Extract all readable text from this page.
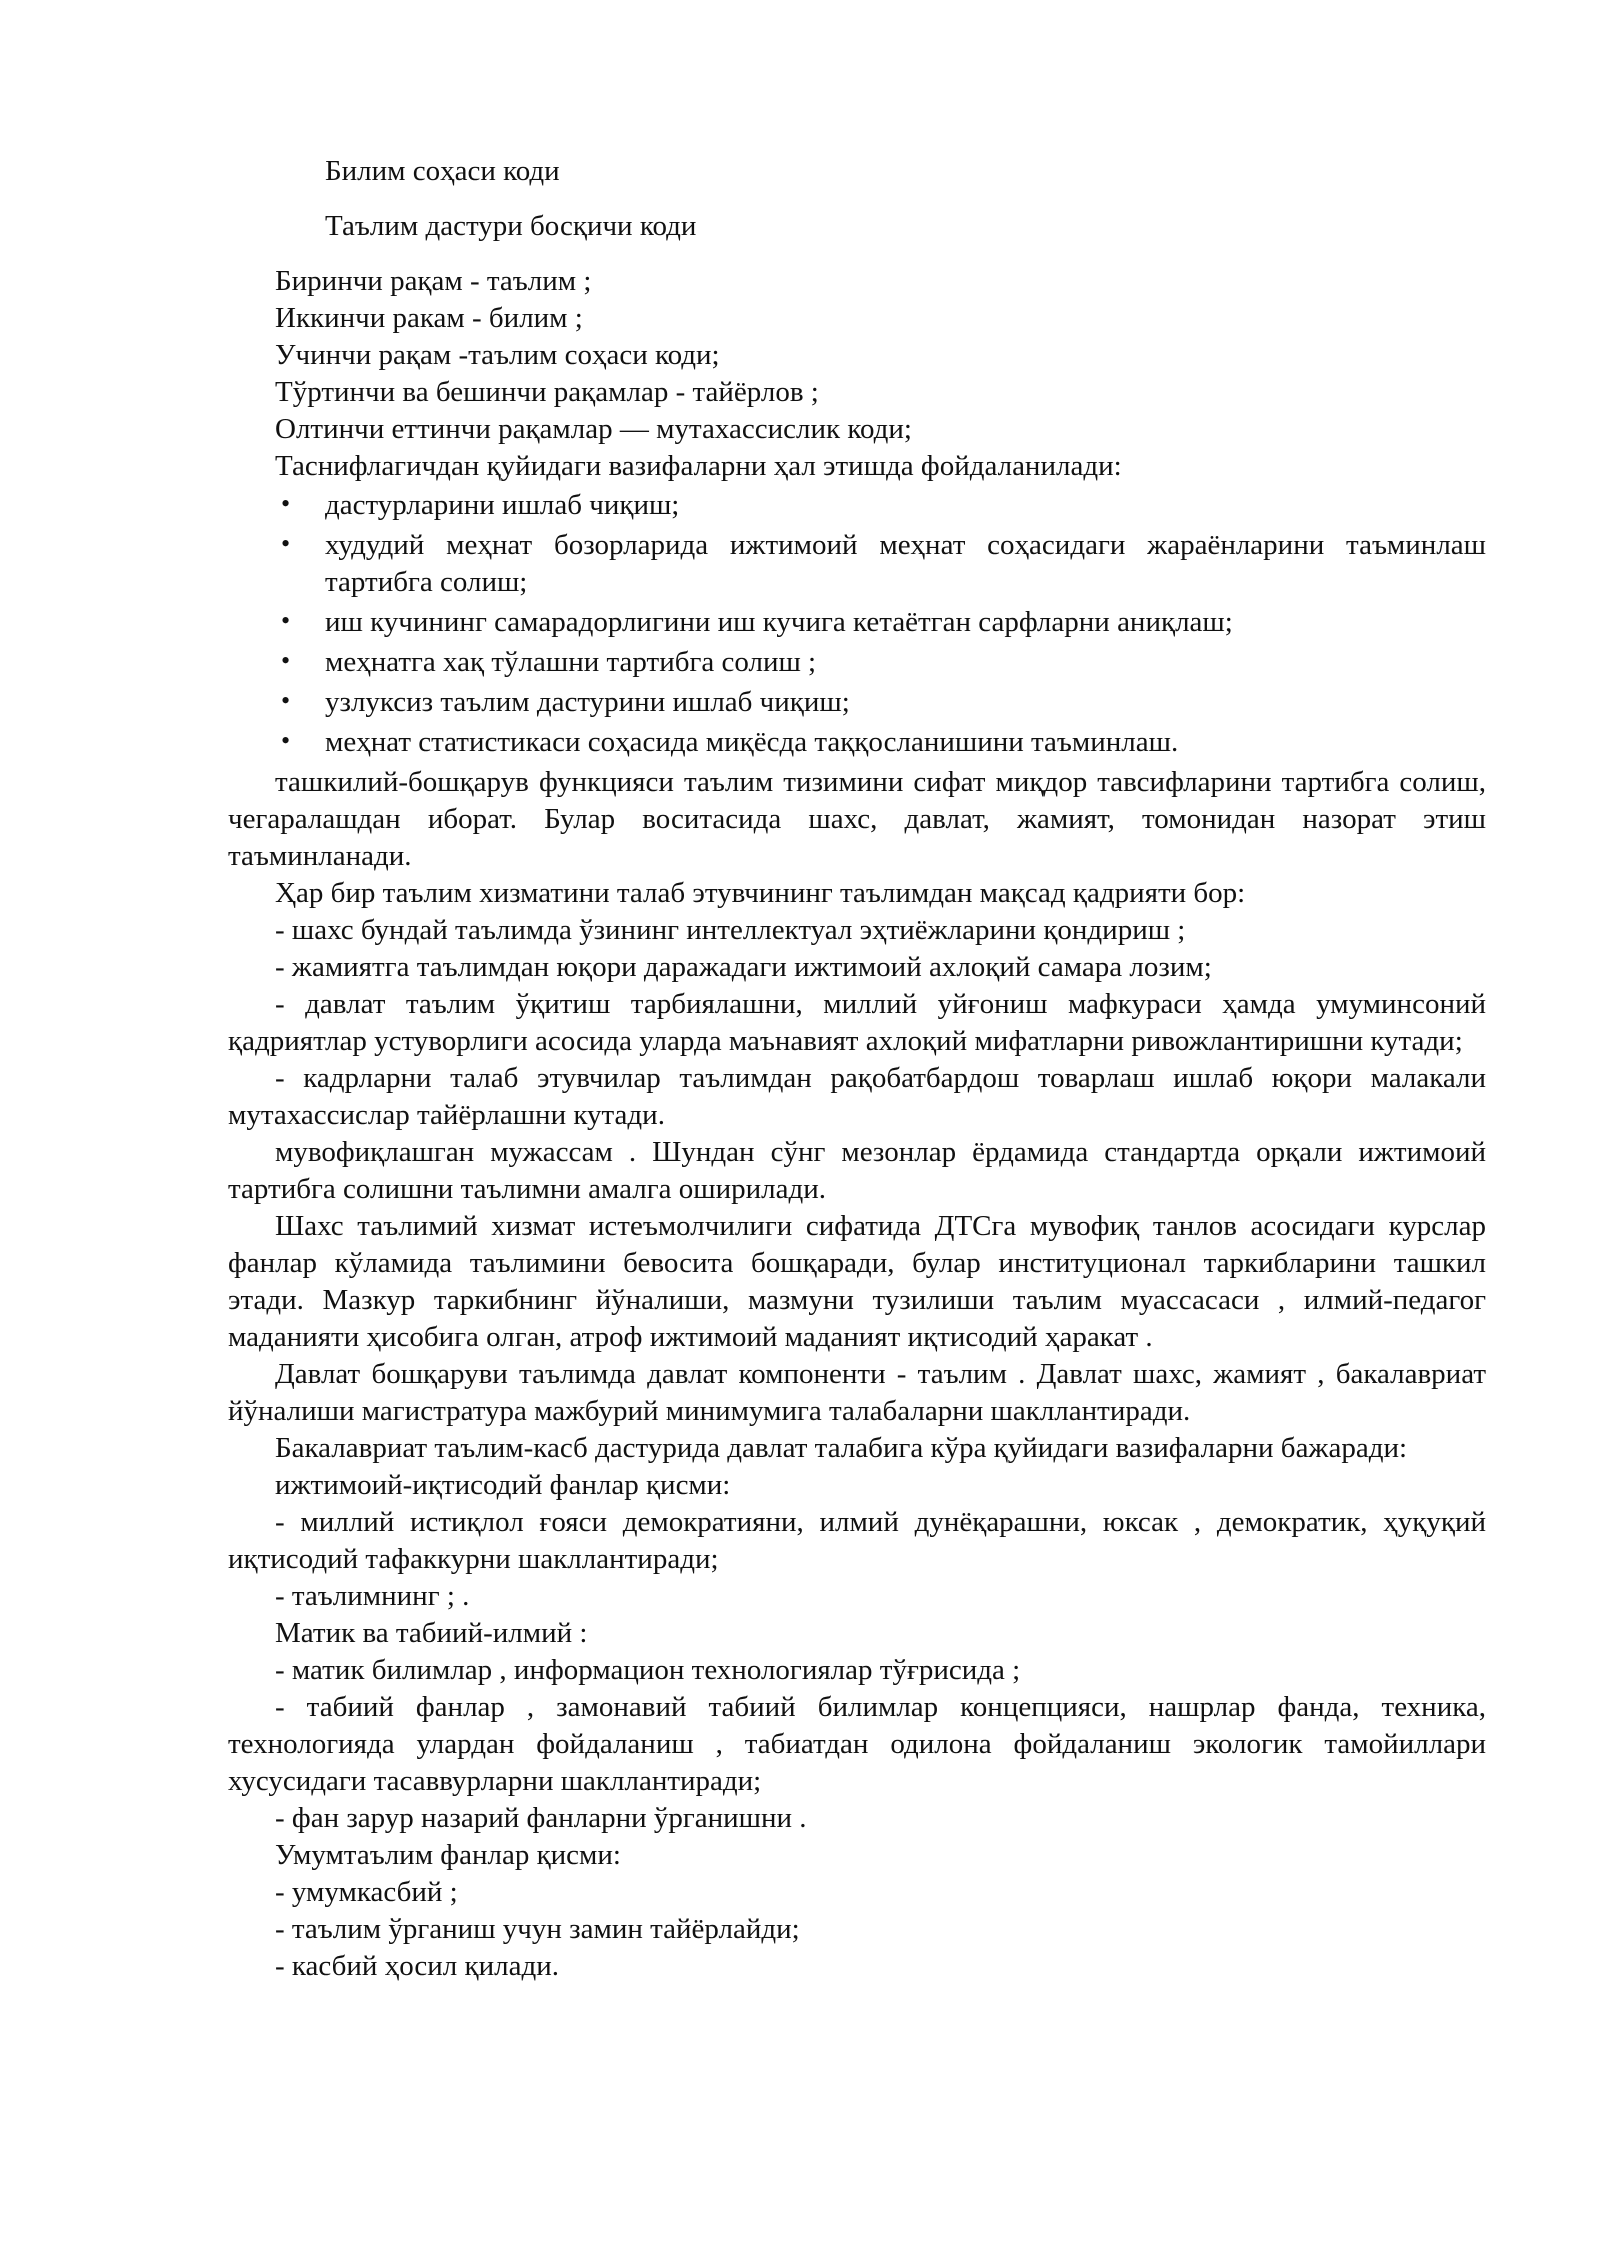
Билим соҳаси коди
Таълим дастури босқичи коди

Биринчи рақам - таълим ;

Иккинчи ракам - билим ;

Учинчи рақам -таълим соҳаси коди;

Тўртинчи ва бешинчи рақамлар - тайёрлов ;

Олтинчи еттинчи рақамлар — мутахассислик коди;

Таснифлагичдан қуйидаги вазифаларни ҳал этишда фойдаланилади:

• дастурларини ишлаб чиқиш;
• худудий меҳнат бозорларида ижтимоий меҳнат соҳасидаги жараёнларини таъминлаш тартибга солиш;
• иш кучининг самарадорлигини иш кучига кетаётган сарфларни аниқлаш;
• меҳнатга хақ тўлашни тартибга солиш ;
• узлуксиз таълим дастурини ишлаб чиқиш;
• меҳнат статистикаси соҳасида миқёсда таққосланишини таъминлаш.

ташкилий-бошқарув функцияси таълим тизимини сифат миқдор тавсифларини тартибга солиш, чегаралашдан иборат. Булар воситасида шахс, давлат, жамият, томонидан назорат этиш таъминланади.

Ҳар бир таълим хизматини талаб этувчининг таълимдан мақсад қадрияти бор:

- шахс бундай таълимда ўзининг интеллектуал эҳтиёжларини қондириш ;

- жамиятга таълимдан юқори даражадаги ижтимоий ахлоқий самара лозим;

- давлат таълим ўқитиш тарбиялашни, миллий уйғониш мафкураси ҳамда умуминсоний қадриятлар устуворлиги асосида уларда маънавият ахлоқий мифатларни ривожлантиришни кутади;

- кадрларни талаб этувчилар таълимдан рақобатбардош товарлаш ишлаб юқори малакали мутахассислар тайёрлашни кутади.

мувофиқлашган мужассам . Шундан сўнг мезонлар ёрдамида стандартда орқали ижтимоий тартибга солишни таълимни амалга оширилади.

Шахс таълимий хизмат истеъмолчилиги сифатида ДТСга мувофиқ танлов асосидаги курслар фанлар кўламида таълимини бевосита бошқаради, булар институционал таркибларини ташкил этади. Мазкур таркибнинг йўналиши, мазмуни тузилиши таълим муассасаси , илмий-педагог маданияти ҳисобига олган, атроф ижтимоий маданият иқтисодий ҳаракат .

Давлат бошқаруви таълимда давлат компоненти - таълим . Давлат шахс, жамият , бакалавриат йўналиши магистратура мажбурий минимумига талабаларни шакллантиради.

Бакалавриат таълим-касб дастурида давлат талабига кўра қуйидаги вазифаларни бажаради:

ижтимоий-иқтисодий фанлар қисми:

- миллий истиқлол ғояси демократияни, илмий дунёқарашни, юксак , демократик, ҳуқуқий иқтисодий тафаккурни шакллантиради;

- таълимнинг ; .

Матик ва табиий-илмий :

- матик билимлар , информацион технологиялар тўғрисида ;

- табиий фанлар , замонавий табиий билимлар концепцияси, нашрлар фанда, техника, технологияда улардан фойдаланиш , табиатдан одилона фойдаланиш экологик тамойиллари хусусидаги тасаввурларни шакллантиради;

- фан зарур назарий фанларни ўрганишни .

Умумтаълим фанлар қисми:

- умумкасбий ;

- таълим ўрганиш учун замин тайёрлайди;

- касбий ҳосил қилади.
